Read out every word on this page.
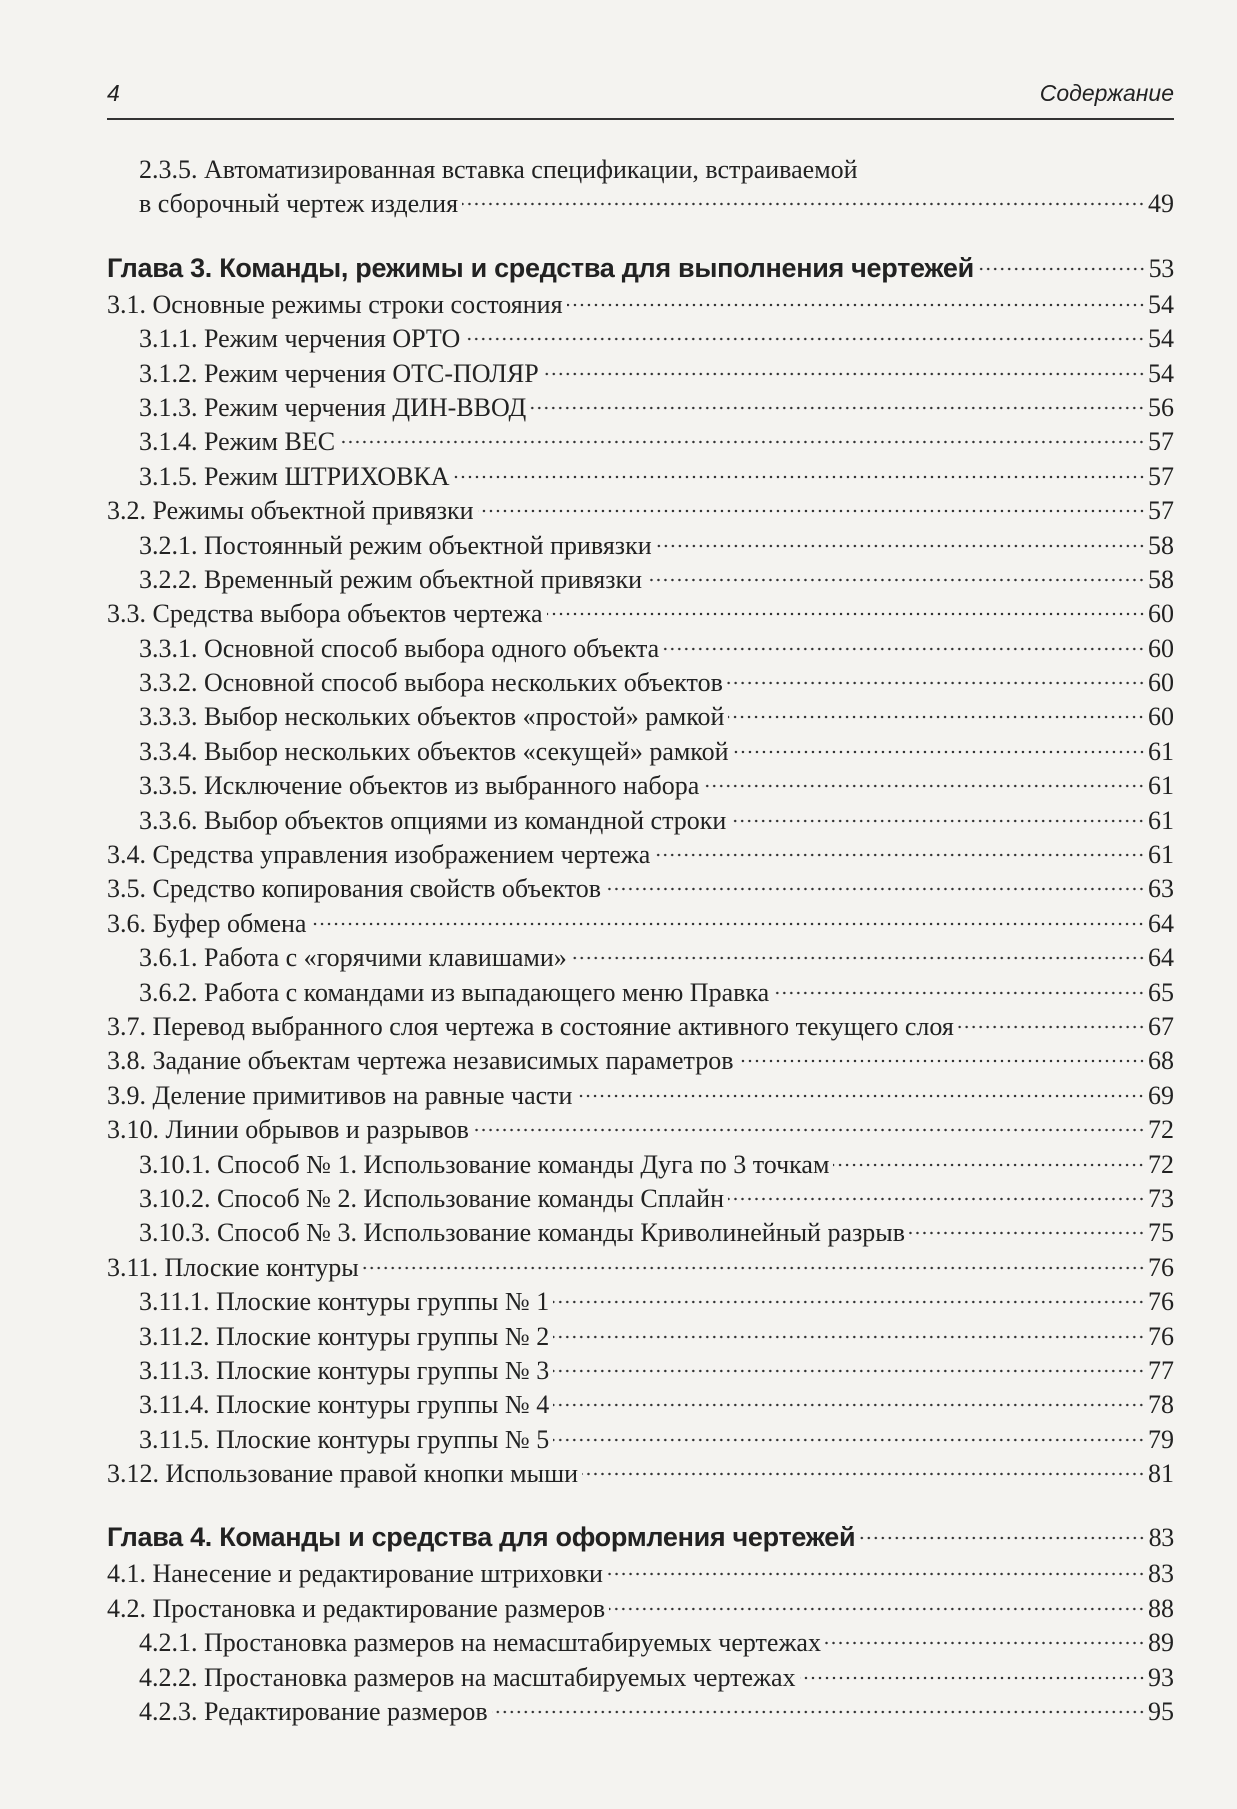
4	Содержание
2.3.5. Автоматизированная вставка спецификации, встраиваемой
в сборочный чертеж изделия	49
Глава 3. Команды, режимы и средства для выполнения чертежей	53
3.1. Основные режимы строки состояния	54
3.1.1. Режим черчения ОРТО	54
3.1.2. Режим черчения ОТС-ПОЛЯР	54
3.1.3. Режим черчения ДИН-ВВОД	56
3.1.4. Режим ВЕС	57
3.1.5. Режим ШТРИХОВКА	57
3.2. Режимы объектной привязки	57
3.2.1. Постоянный режим объектной привязки	58
3.2.2. Временный режим объектной привязки	58
3.3. Средства выбора объектов чертежа	60
3.3.1. Основной способ выбора одного объекта	60
3.3.2. Основной способ выбора нескольких объектов	60
3.3.3. Выбор нескольких объектов «простой» рамкой	60
3.3.4. Выбор нескольких объектов «секущей» рамкой	61
3.3.5. Исключение объектов из выбранного набора	61
3.3.6. Выбор объектов опциями из командной строки	61
3.4. Средства управления изображением чертежа	61
3.5. Средство копирования свойств объектов	63
3.6. Буфер обмена	64
3.6.1. Работа с «горячими клавишами»	64
3.6.2. Работа с командами из выпадающего меню Правка	65
3.7. Перевод выбранного слоя чертежа в состояние активного текущего слоя	67
3.8. Задание объектам чертежа независимых параметров	68
3.9. Деление примитивов на равные части	69
3.10. Линии обрывов и разрывов	72
3.10.1. Способ № 1. Использование команды Дуга по 3 точкам	72
3.10.2. Способ № 2. Использование команды Сплайн	73
3.10.3. Способ № 3. Использование команды Криволинейный разрыв	75
3.11. Плоские контуры	76
3.11.1. Плоские контуры группы № 1	76
3.11.2. Плоские контуры группы № 2	76
3.11.3. Плоские контуры группы № 3	77
3.11.4. Плоские контуры группы № 4	78
3.11.5. Плоские контуры группы № 5	79
3.12. Использование правой кнопки мыши	81
Глава 4. Команды и средства для оформления чертежей	83
4.1. Нанесение и редактирование штриховки	83
4.2. Простановка и редактирование размеров	88
4.2.1. Простановка размеров на немасштабируемых чертежах	89
4.2.2. Простановка размеров на масштабируемых чертежах	93
4.2.3. Редактирование размеров	95
